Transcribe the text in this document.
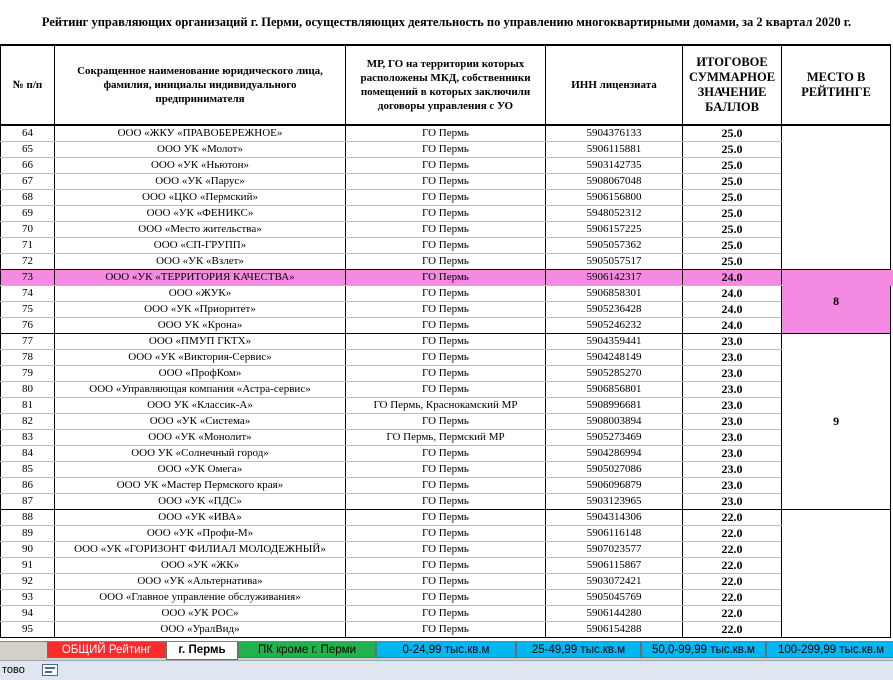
Рейтинг управляющих организаций г. Перми, осуществляющих деятельность по управлению многоквартирными домами, за 2 квартал 2020 г.
№ п/п	Сокращенное наименование юридического лица, фамилия, инициалы индивидуального предпринимателя	МР, ГО на территории которых расположены МКД, собственники помещений в которых заключили договоры управления с УО	ИНН лицензиата	ИТОГОВОЕ СУММАРНОЕ ЗНАЧЕНИЕ БАЛЛОВ	МЕСТО В РЕЙТИНГЕ
64	ООО «ЖКУ «ПРАВОБЕРЕЖНОЕ»	ГО Пермь	5904376133	25.0	
65	ООО УК «Молот»	ГО Пермь	5906115881	25.0	
66	ООО «УК «Ньютон»	ГО Пермь	5903142735	25.0	
67	ООО «УК «Парус»	ГО Пермь	5908067048	25.0	
68	ООО «ЦКО «Пермский»	ГО Пермь	5906156800	25.0	
69	ООО «УК «ФЕНИКС»	ГО Пермь	5948052312	25.0	
70	ООО «Место жительства»	ГО Пермь	5906157225	25.0	
71	ООО «СП-ГРУПП»	ГО Пермь	5905057362	25.0	
72	ООО «УК «Взлет»	ГО Пермь	5905057517	25.0	
73	ООО «УК «ТЕРРИТОРИЯ КАЧЕСТВА»	ГО Пермь	5906142317	24.0	8
74	ООО «ЖУК»	ГО Пермь	5906858301	24.0	
75	ООО «УК «Приоритет»	ГО Пермь	5905236428	24.0	
76	ООО УК «Крона»	ГО Пермь	5905246232	24.0	
77	ООО «ПМУП ГКТХ»	ГО Пермь	5904359441	23.0	9
78	ООО «УК «Виктория-Сервис»	ГО Пермь	5904248149	23.0	
79	ООО «ПрофКом»	ГО Пермь	5905285270	23.0	
80	ООО «Управляющая компания «Астра-сервис»	ГО Пермь	5906856801	23.0	
81	ООО УК «Классик-А»	ГО Пермь, Краснокамский МР	5908996681	23.0	
82	ООО «УК «Система»	ГО Пермь	5908003894	23.0	
83	ООО «УК «Монолит»	ГО Пермь, Пермский МР	5905273469	23.0	
84	ООО УК «Солнечный город»	ГО Пермь	5904286994	23.0	
85	ООО «УК Омега»	ГО Пермь	5905027086	23.0	
86	ООО УК «Мастер Пермского края»	ГО Пермь	5906096879	23.0	
87	ООО «УК «ПДС»	ГО Пермь	5903123965	23.0	
88	ООО «УК «ИВА»	ГО Пермь	5904314306	22.0	
89	ООО «УК «Профи-М»	ГО Пермь	5906116148	22.0	
90	ООО «УК «ГОРИЗОНТ ФИЛИАЛ МОЛОДЕЖНЫЙ»	ГО Пермь	5907023577	22.0	
91	ООО «УК «ЖК»	ГО Пермь	5906115867	22.0	
92	ООО «УК «Альтернатива»	ГО Пермь	5903072421	22.0	
93	ООО «Главное управление обслуживания»	ГО Пермь	5905045769	22.0	
94	ООО «УК РОС»	ГО Пермь	5906144280	22.0	
95	ООО «УралВид»	ГО Пермь	5906154288	22.0	
ОБЩИЙ Рейтинг	г. Пермь	ПК кроме г. Перми	0-24,99 тыс.кв.м	25-49,99 тыс.кв.м	50,0-99,99 тыс.кв.м	100-299,99 тыс.кв.м
тово
